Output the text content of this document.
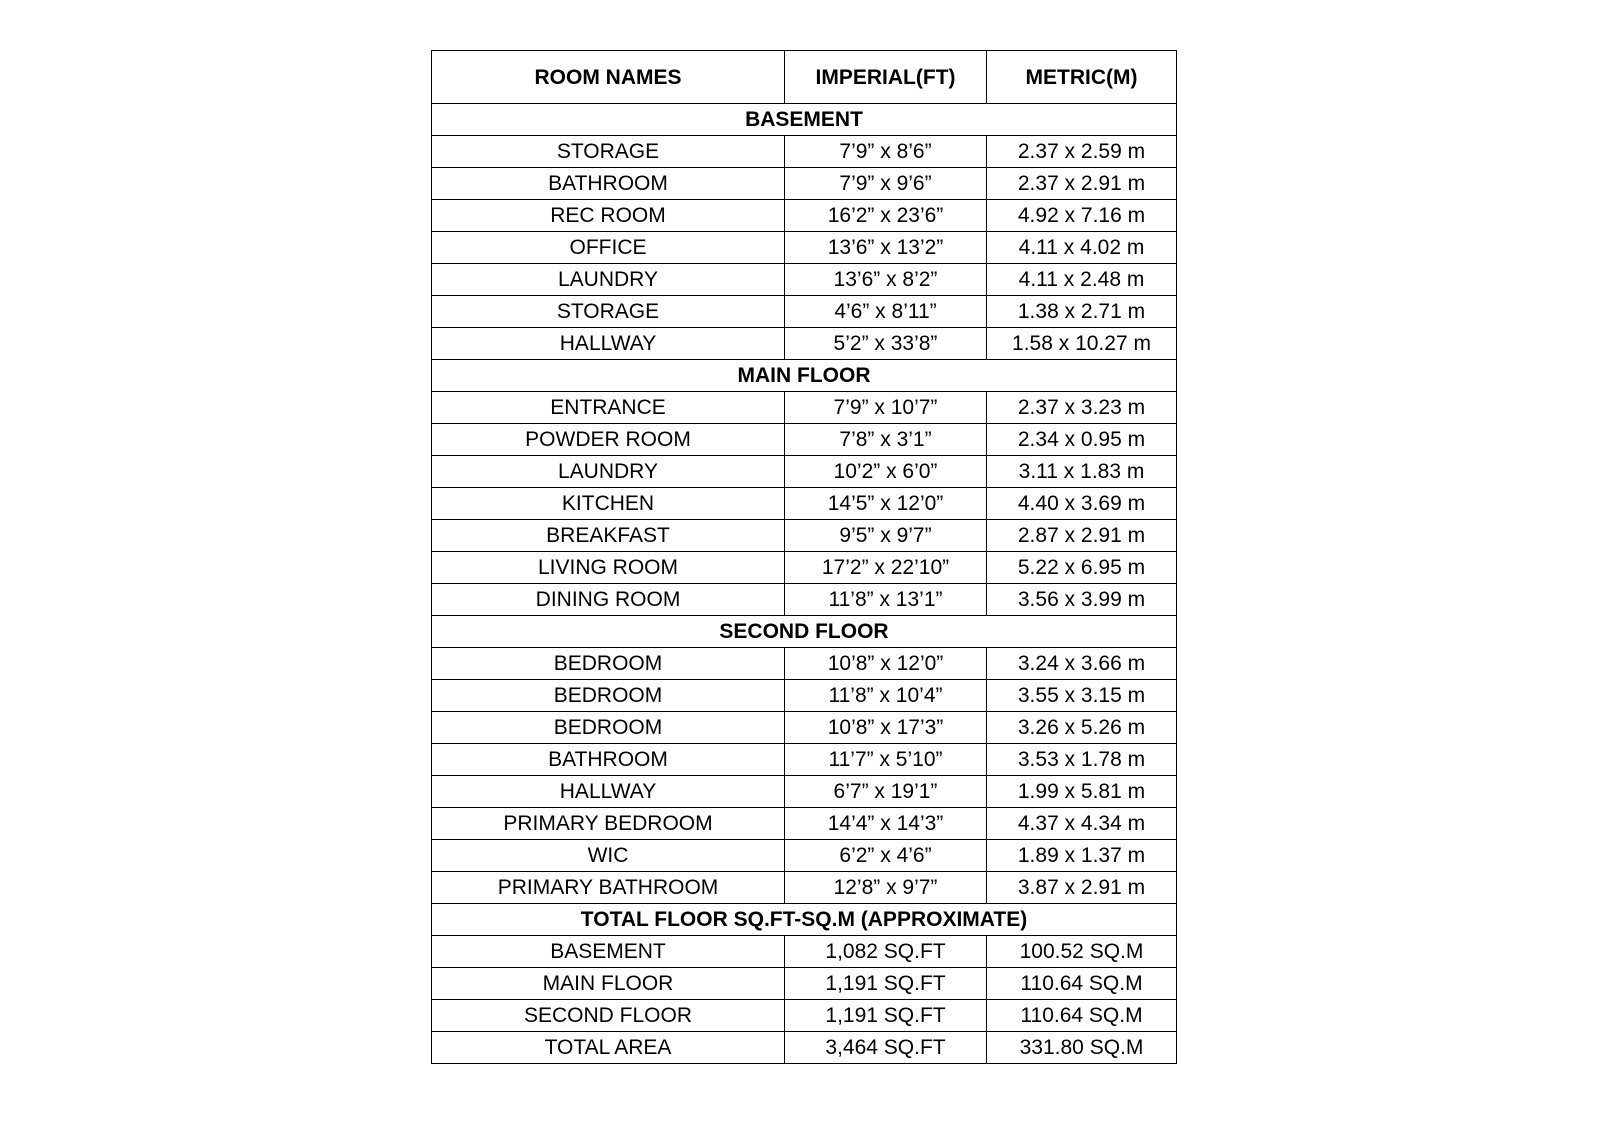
ROOM NAMES	IMPERIAL(FT)	METRIC(M)
BASEMENT		
STORAGE	7’9” x 8’6”	2.37 x 2.59 m
BATHROOM	7’9” x 9’6”	2.37 x 2.91 m
REC ROOM	16’2” x 23’6”	4.92 x 7.16 m
OFFICE	13’6” x 13’2”	4.11 x 4.02 m
LAUNDRY	13’6” x 8’2”	4.11 x 2.48 m
STORAGE	4’6” x 8’11”	1.38 x 2.71 m
HALLWAY	5’2” x 33’8”	1.58 x 10.27 m
MAIN FLOOR		
ENTRANCE	7’9” x 10’7”	2.37 x 3.23 m
POWDER ROOM	7’8” x 3’1”	2.34 x 0.95 m
LAUNDRY	10’2” x 6’0”	3.11 x 1.83 m
KITCHEN	14’5” x 12’0”	4.40 x 3.69 m
BREAKFAST	9’5” x 9’7”	2.87 x 2.91 m
LIVING ROOM	17’2” x 22’10”	5.22 x 6.95 m
DINING ROOM	11’8” x 13’1”	3.56 x 3.99 m
SECOND FLOOR		
BEDROOM	10’8” x 12’0”	3.24 x 3.66 m
BEDROOM	11’8” x 10’4”	3.55 x 3.15 m
BEDROOM	10’8” x 17’3”	3.26 x 5.26 m
BATHROOM	11’7” x 5’10”	3.53 x 1.78 m
HALLWAY	6’7” x 19’1”	1.99 x 5.81 m
PRIMARY BEDROOM	14’4” x 14’3”	4.37 x 4.34 m
WIC	6’2” x 4’6”	1.89 x 1.37 m
PRIMARY BATHROOM	12’8” x 9’7”	3.87 x 2.91 m
TOTAL FLOOR SQ.FT-SQ.M (APPROXIMATE)		
BASEMENT	1,082 SQ.FT	100.52 SQ.M
MAIN FLOOR	1,191 SQ.FT	110.64 SQ.M
SECOND FLOOR	1,191 SQ.FT	110.64 SQ.M
TOTAL AREA	3,464 SQ.FT	331.80 SQ.M
